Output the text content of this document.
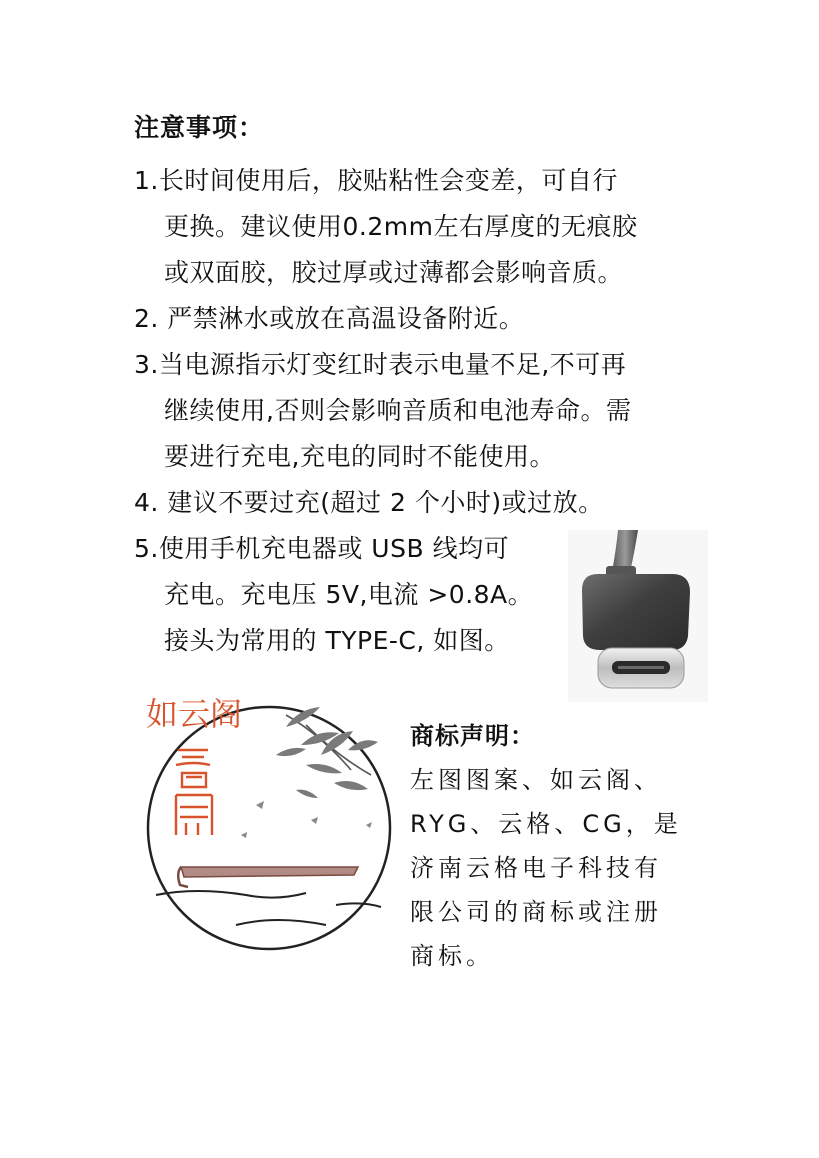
注意事项：
1.长时间使用后，胶贴粘性会变差，可自行
更换。建议使用0.2mm左右厚度的无痕胶
或双面胶，胶过厚或过薄都会影响音质。
2. 严禁淋水或放在高温设备附近。
3.当电源指示灯变红时表示电量不足,不可再
继续使用,否则会影响音质和电池寿命。需
要进行充电,充电的同时不能使用。
4. 建议不要过充(超过 2 个小时)或过放。
5.使用手机充电器或 USB 线均可
充电。充电压 5V,电流 >0.8A。
接头为常用的 TYPE-C, 如图。
如云阁
商标声明：
左图图案、如云阁、
RYG、云格、CG，是
济南云格电子科技有
限公司的商标或注册
商标。
